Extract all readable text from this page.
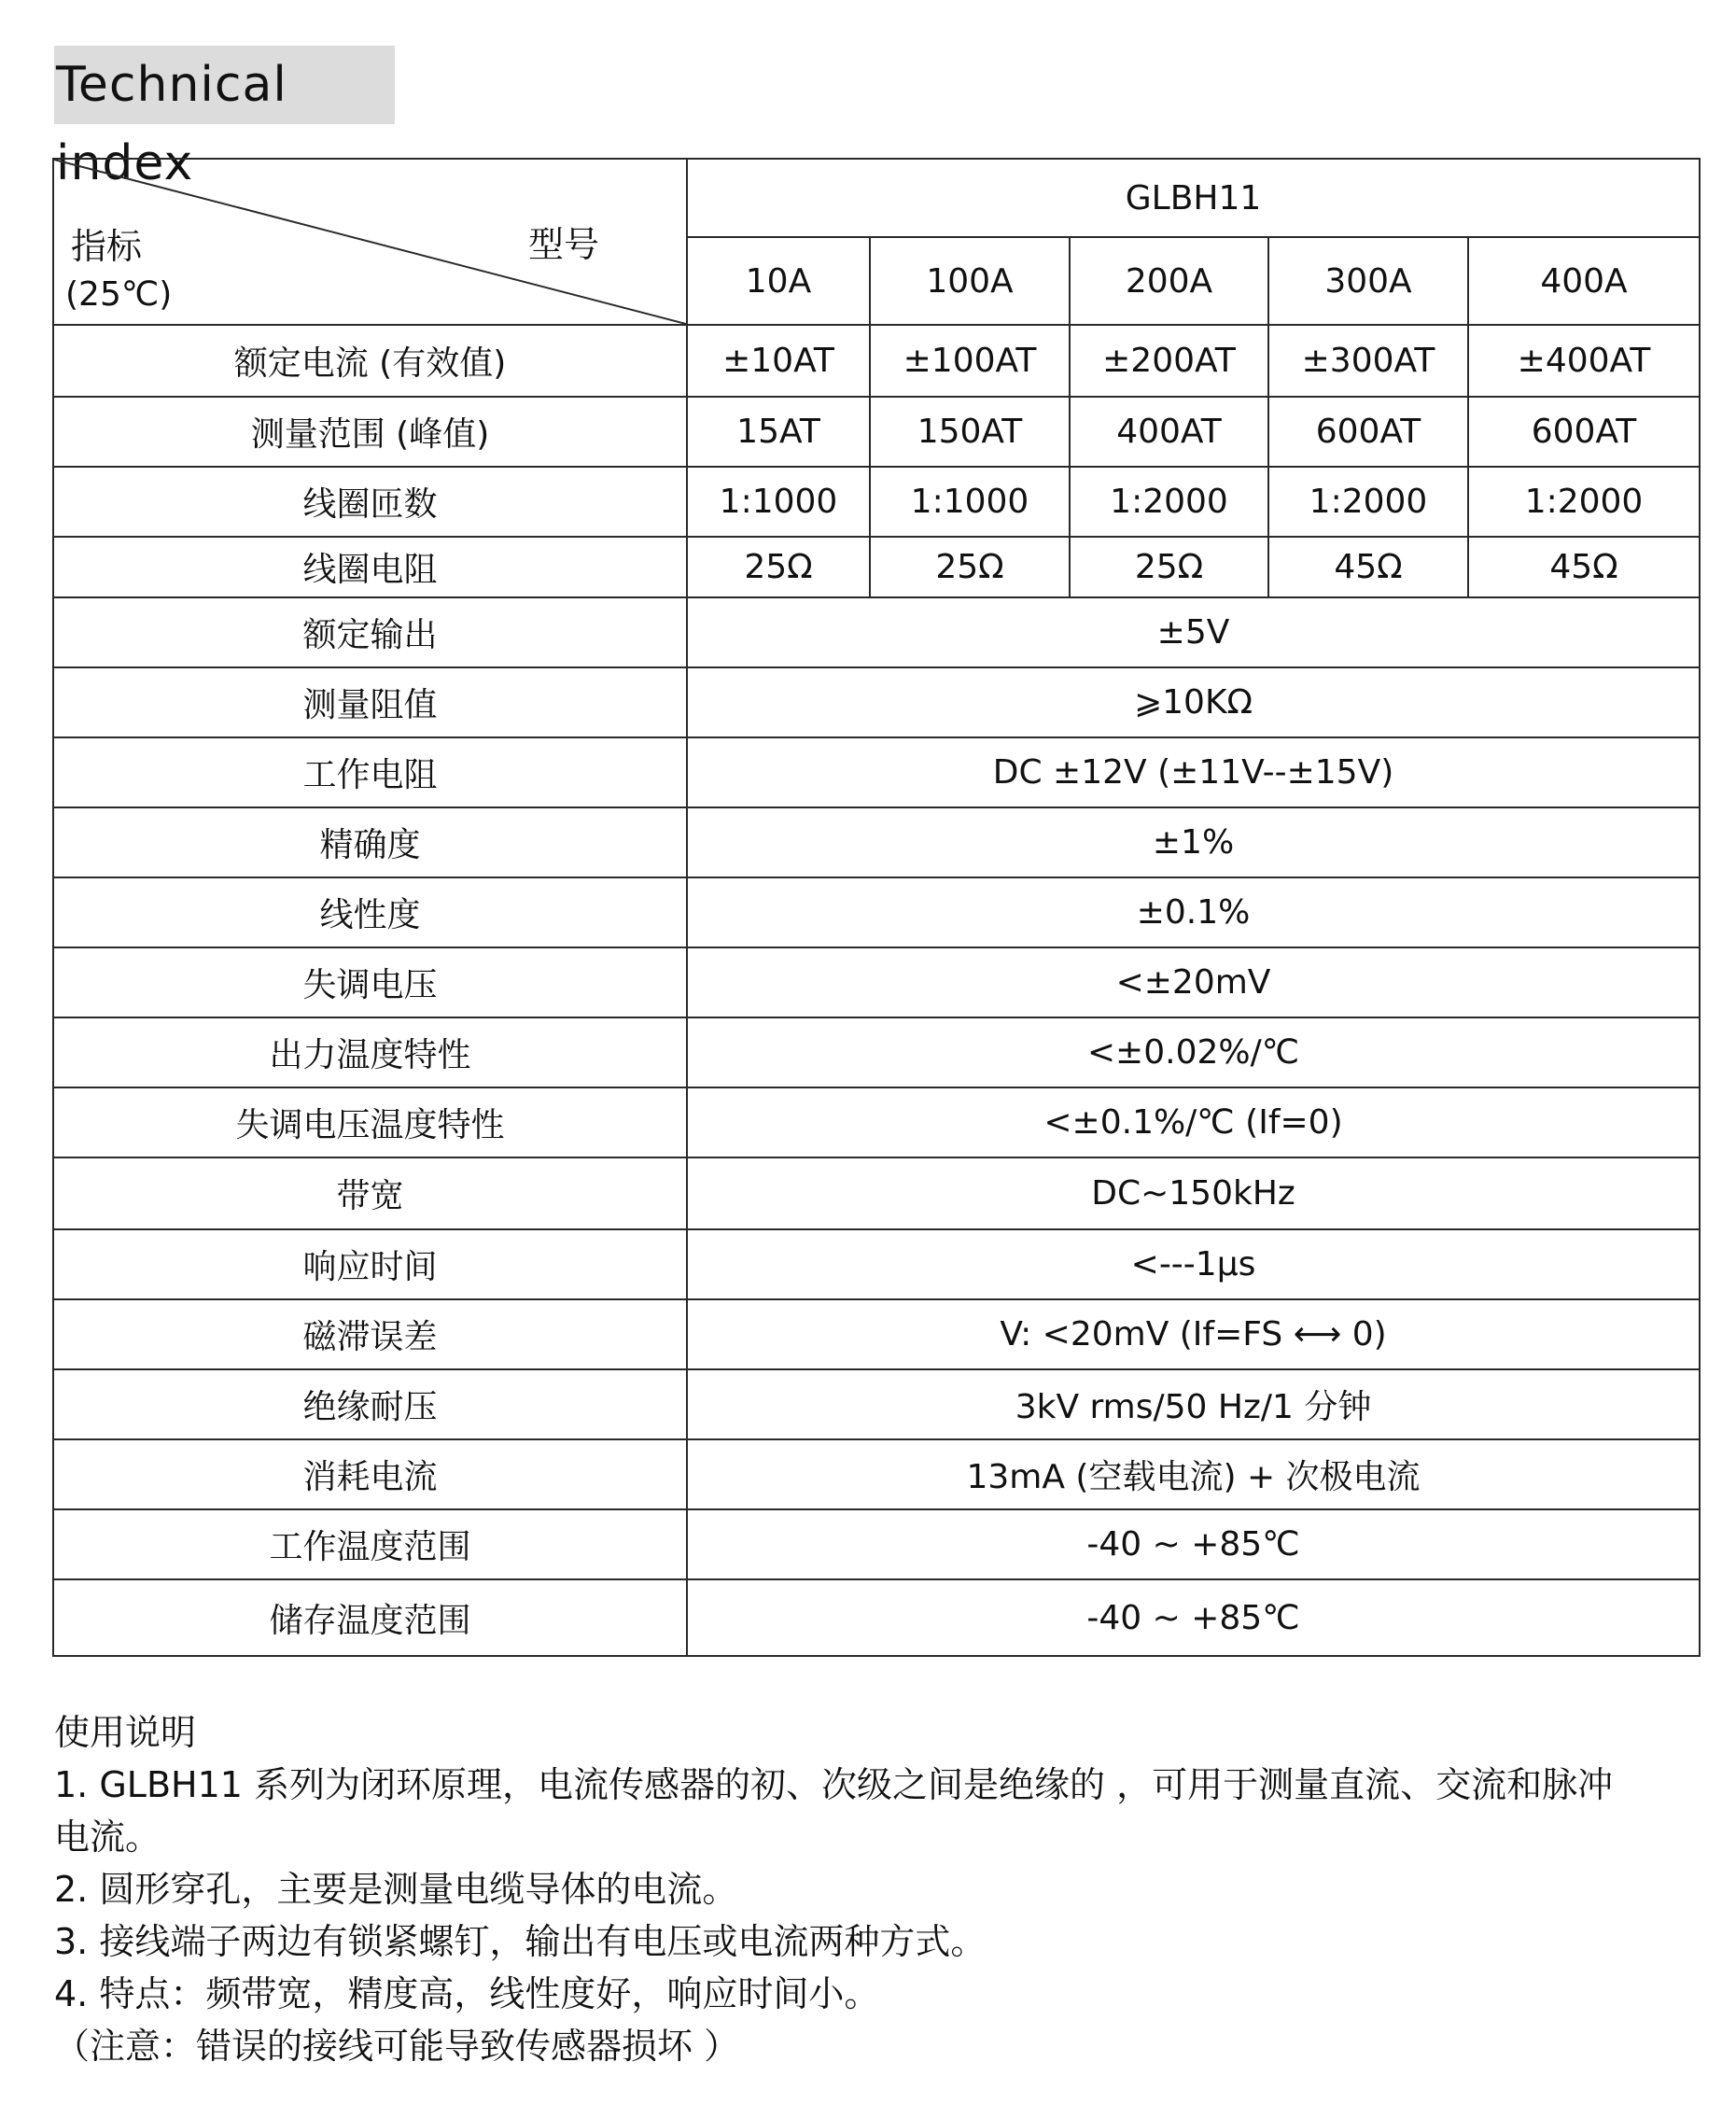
Technical index
指标
(25℃)
型号	GLBH11				
	10A	100A	200A	300A	400A
额定电流 (有效值)	±10AT	±100AT	±200AT	±300AT	±400AT
测量范围 (峰值)	15AT	150AT	400AT	600AT	600AT
线圈匝数	1:1000	1:1000	1:2000	1:2000	1:2000
线圈电阻	25Ω	25Ω	25Ω	45Ω	45Ω
额定输出	±5V				
测量阻值	⩾10KΩ				
工作电阻	DC ±12V (±11V--±15V)				
精确度	±1%				
线性度	±0.1%				
失调电压	<±20mV				
出力温度特性	<±0.02%/℃				
失调电压温度特性	<±0.1%/℃ (If=0)				
带宽	DC~150kHz				
响应时间	<---1μs				
磁滞误差	V: <20mV (If=FS ⟷ 0)				
绝缘耐压	3kV rms/50 Hz/1 分钟				
消耗电流	13mA (空载电流) + 次极电流				
工作温度范围	-40 ~ +85℃				
储存温度范围	-40 ~ +85℃				
使用说明
1. GLBH11 系列为闭环原理，电流传感器的初、次级之间是绝缘的 ，可用于测量直流、交流和脉冲
电流。
2. 圆形穿孔，主要是测量电缆导体的电流。
3. 接线端子两边有锁紧螺钉，输出有电压或电流两种方式。
4. 特点：频带宽，精度高，线性度好，响应时间小。
（注意：错误的接线可能导致传感器损坏 ）
